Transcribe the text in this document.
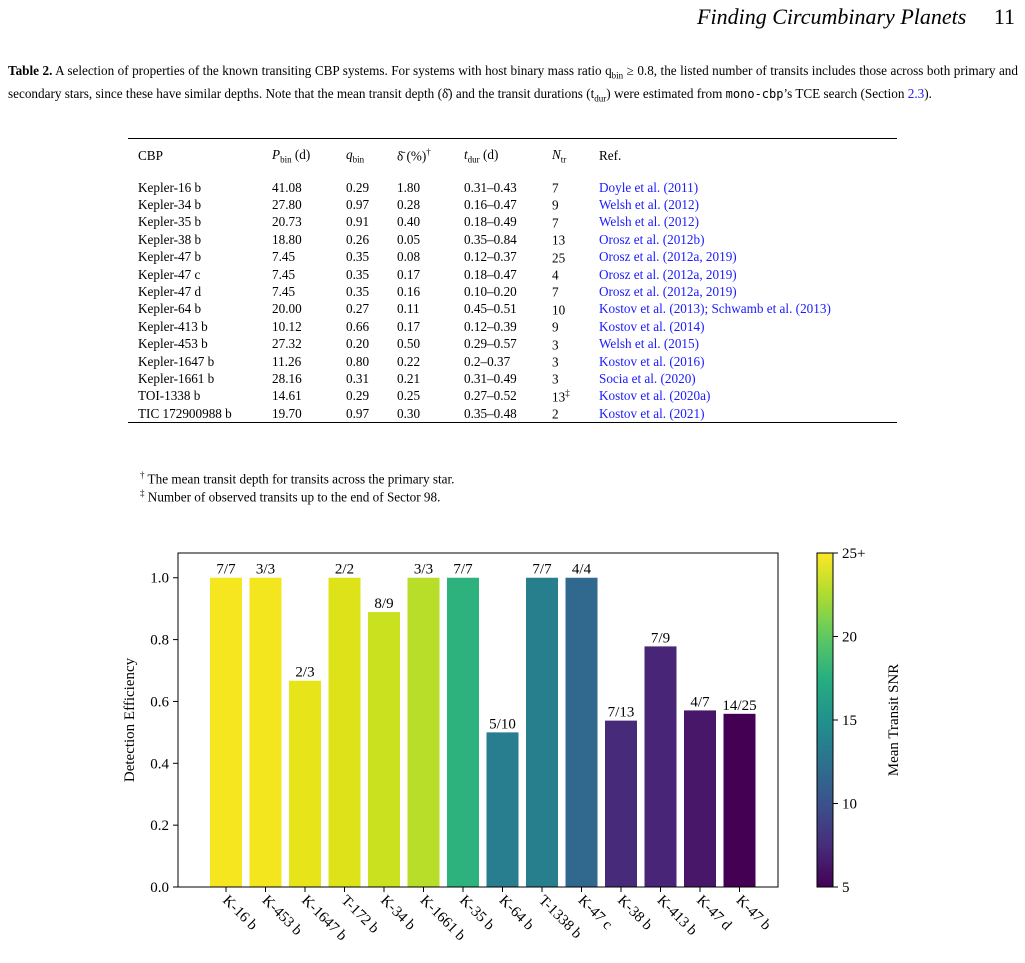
Finding Circumbinary Planets 11
Table 2. A selection of properties of the known transiting CBP systems. For systems with host binary mass ratio $q_{bin} \ge 0.8$, the listed number of transits includes those across both primary and secondary stars, since these have similar depths. Note that the mean transit depth (δ̄) and the transit durations $(t_{dur})$ were estimated from mono-cbp’s TCE search (Section 2.3).
CBP	$P_{bin}$ (d)	$q_{bin}$	δ̄ (%)†	$t_{dur}$ (d)	$N_{tr}$	Ref.
Kepler-16 b	41.08	0.29	1.80	0.31–0.43	7	Doyle et al. (2011)
Kepler-34 b	27.80	0.97	0.28	0.16–0.47	9	Welsh et al. (2012)
Kepler-35 b	20.73	0.91	0.40	0.18–0.49	7	Welsh et al. (2012)
Kepler-38 b	18.80	0.26	0.05	0.35–0.84	13	Orosz et al. (2012b)
Kepler-47 b	7.45	0.35	0.08	0.12–0.37	25	Orosz et al. (2012a, 2019)
Kepler-47 c	7.45	0.35	0.17	0.18–0.47	4	Orosz et al. (2012a, 2019)
Kepler-47 d	7.45	0.35	0.16	0.10–0.20	7	Orosz et al. (2012a, 2019)
Kepler-64 b	20.00	0.27	0.11	0.45–0.51	10	Kostov et al. (2013); Schwamb et al. (2013)
Kepler-413 b	10.12	0.66	0.17	0.12–0.39	9	Kostov et al. (2014)
Kepler-453 b	27.32	0.20	0.50	0.29–0.57	3	Welsh et al. (2015)
Kepler-1647 b	11.26	0.80	0.22	0.2–0.37	3	Kostov et al. (2016)
Kepler-1661 b	28.16	0.31	0.21	0.31–0.49	3	Socia et al. (2020)
TOI-1338 b	14.61	0.29	0.25	0.27–0.52	13‡	Kostov et al. (2020a)
TIC 172900988 b	19.70	0.97	0.30	0.35–0.48	2	Kostov et al. (2021)
† The mean transit depth for transits across the primary star.
‡ Number of observed transits up to the end of Sector 98.
7/7 3/3
2/3
2/2
8/9
3/3 7/7
5/10
7/7 4/4
7/13
7/9
4/7 14/25
0.0
0.2
0.4
0.6
0.8
1.0
K-16 b
K-453 b
K-1647 b
T-172 b
K-34 b
K-1661 b
K-35 b
K-64 b
T-1338 b
K-47 c K-38 b
K-413 b
K-47 d
K-47 b
Detection Efficiency
5
10
15
20
25+
Mean Transit SNR
